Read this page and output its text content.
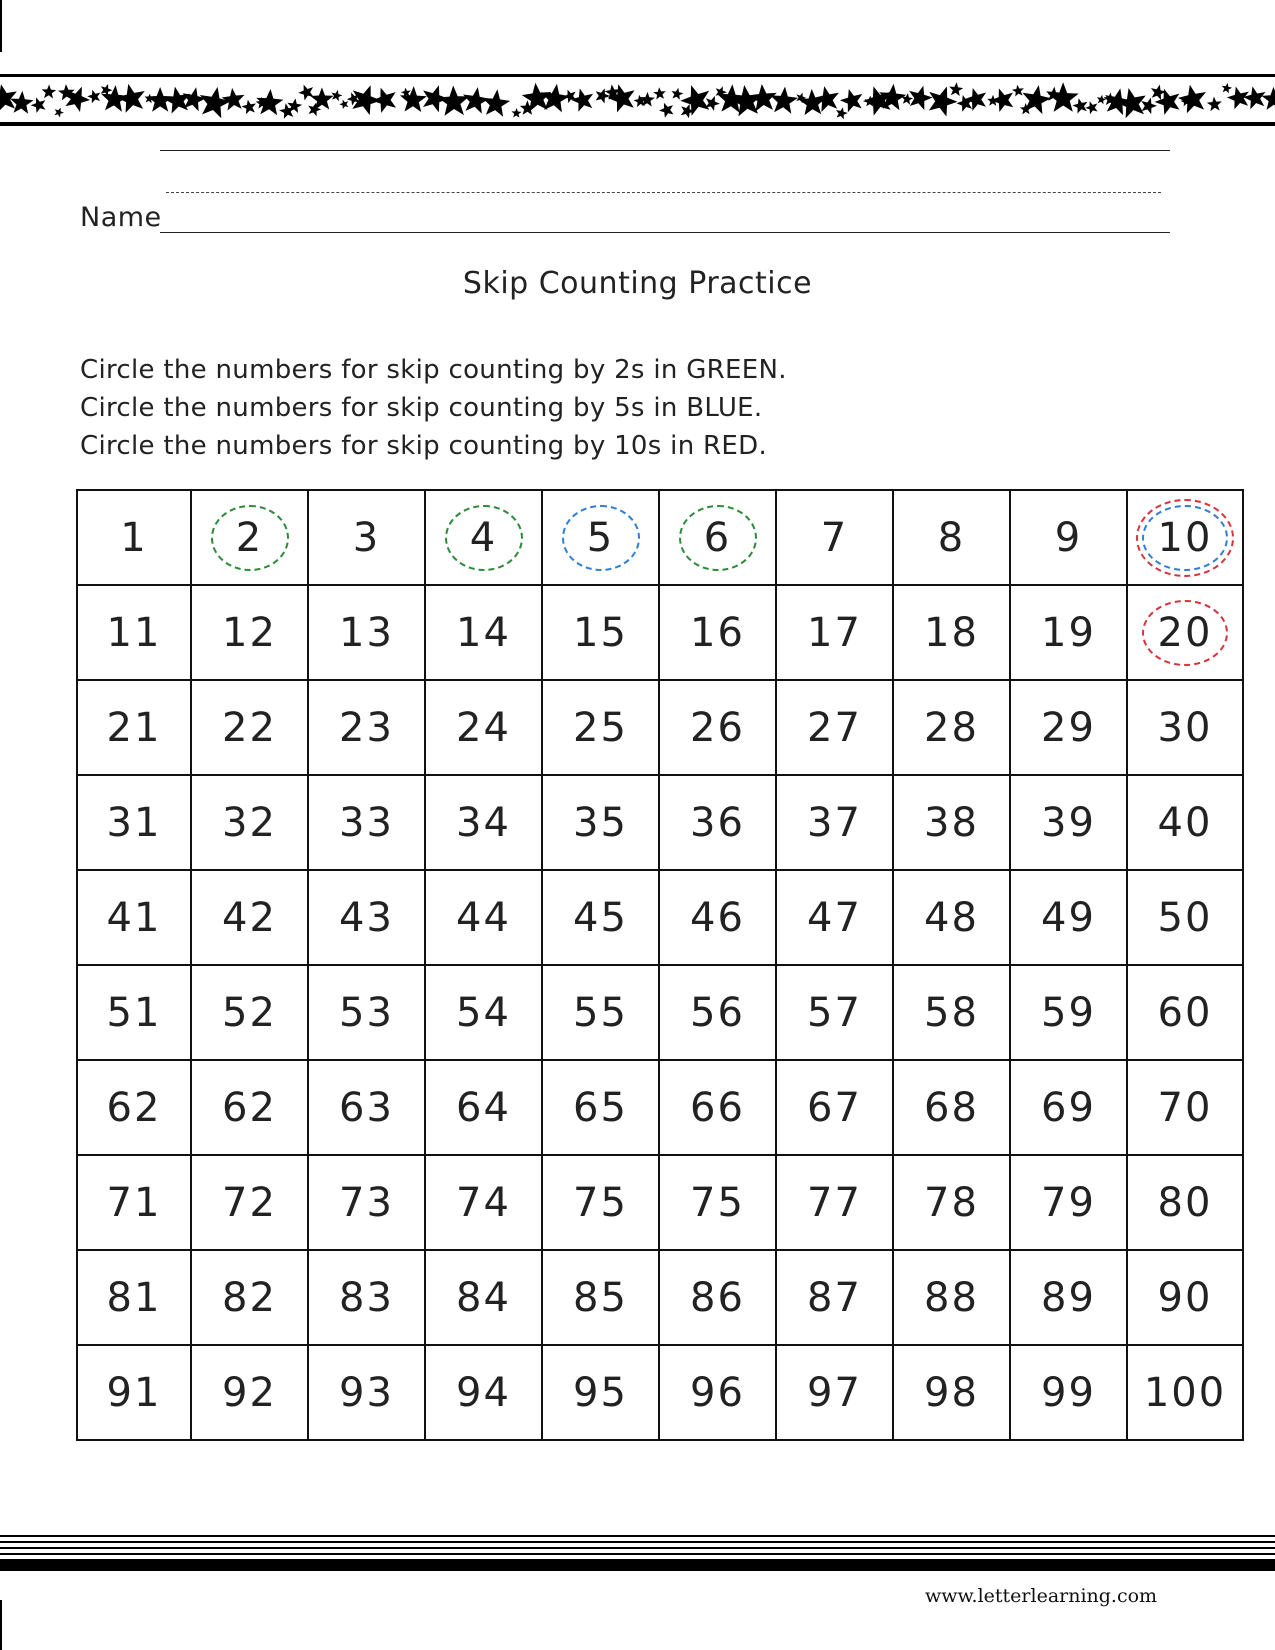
Name
Skip Counting Practice
Circle the numbers for skip counting by 2s in GREEN.
Circle the numbers for skip counting by 5s in BLUE.
Circle the numbers for skip counting by 10s in RED.
1	2	3	4	5	6	7	8	9	10

11	12	13	14	15	16	17	18	19	20

21	22	23	24	25	26	27	28	29	30
31	32	33	34	35	36	37	38	39	40
41	42	43	44	45	46	47	48	49	50
51	52	53	54	55	56	57	58	59	60
62	62	63	64	65	66	67	68	69	70
71	72	73	74	75	75	77	78	79	80
81	82	83	84	85	86	87	88	89	90
91	92	93	94	95	96	97	98	99	100
www.letterlearning.com
